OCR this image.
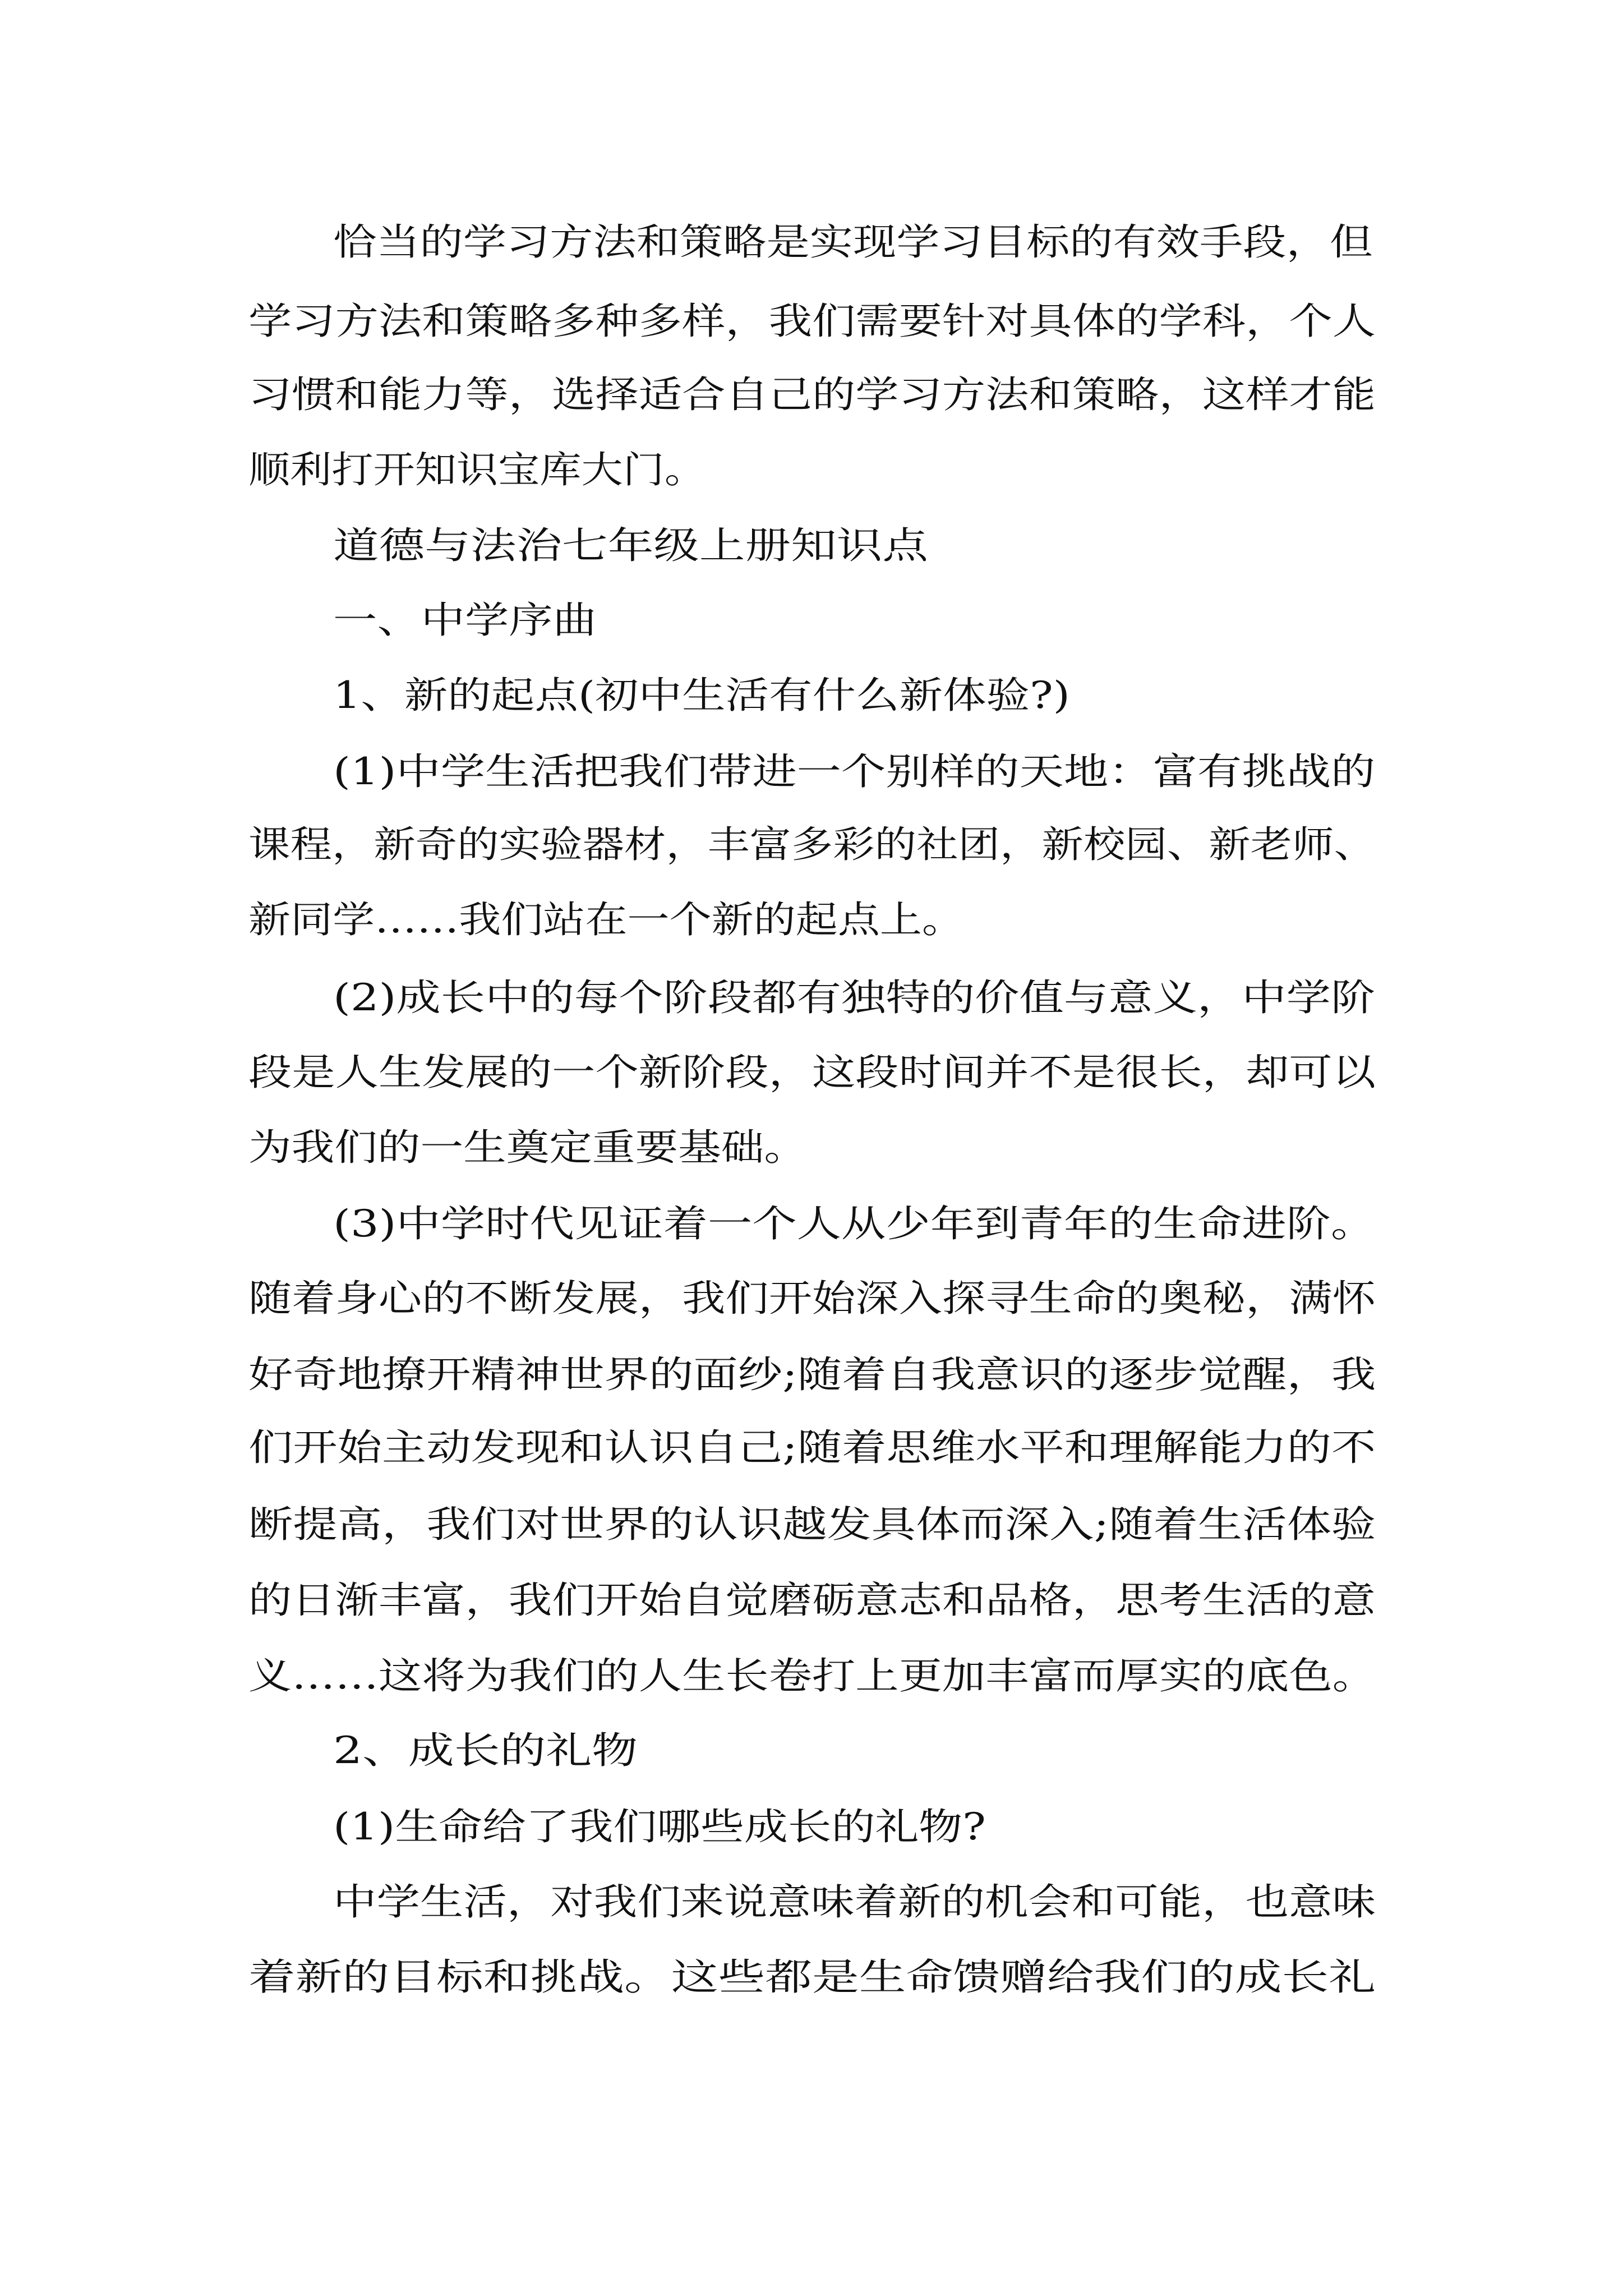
恰当的学习方法和策略是实现学习目标的有效手段，但

学习方法和策略多种多样，我们需要针对具体的学科，个人

习惯和能力等，选择适合自己的学习方法和策略，这样才能

顺利打开知识宝库大门。

道德与法治七年级上册知识点

一、中学序曲

1、新的起点(初中生活有什么新体验?)

(1)中学生活把我们带进一个别样的天地：富有挑战的

课程，新奇的实验器材，丰富多彩的社团，新校园、新老师、

新同学……我们站在一个新的起点上。

(2)成长中的每个阶段都有独特的价值与意义，中学阶

段是人生发展的一个新阶段，这段时间并不是很长，却可以

为我们的一生奠定重要基础。

(3)中学时代见证着一个人从少年到青年的生命进阶。

随着身心的不断发展，我们开始深入探寻生命的奥秘，满怀

好奇地撩开精神世界的面纱;随着自我意识的逐步觉醒，我

们开始主动发现和认识自己;随着思维水平和理解能力的不

断提高，我们对世界的认识越发具体而深入;随着生活体验

的日渐丰富，我们开始自觉磨砺意志和品格，思考生活的意

义……这将为我们的人生长卷打上更加丰富而厚实的底色。

2、成长的礼物

(1)生命给了我们哪些成长的礼物?

中学生活，对我们来说意味着新的机会和可能，也意味

着新的目标和挑战。这些都是生命馈赠给我们的成长礼
